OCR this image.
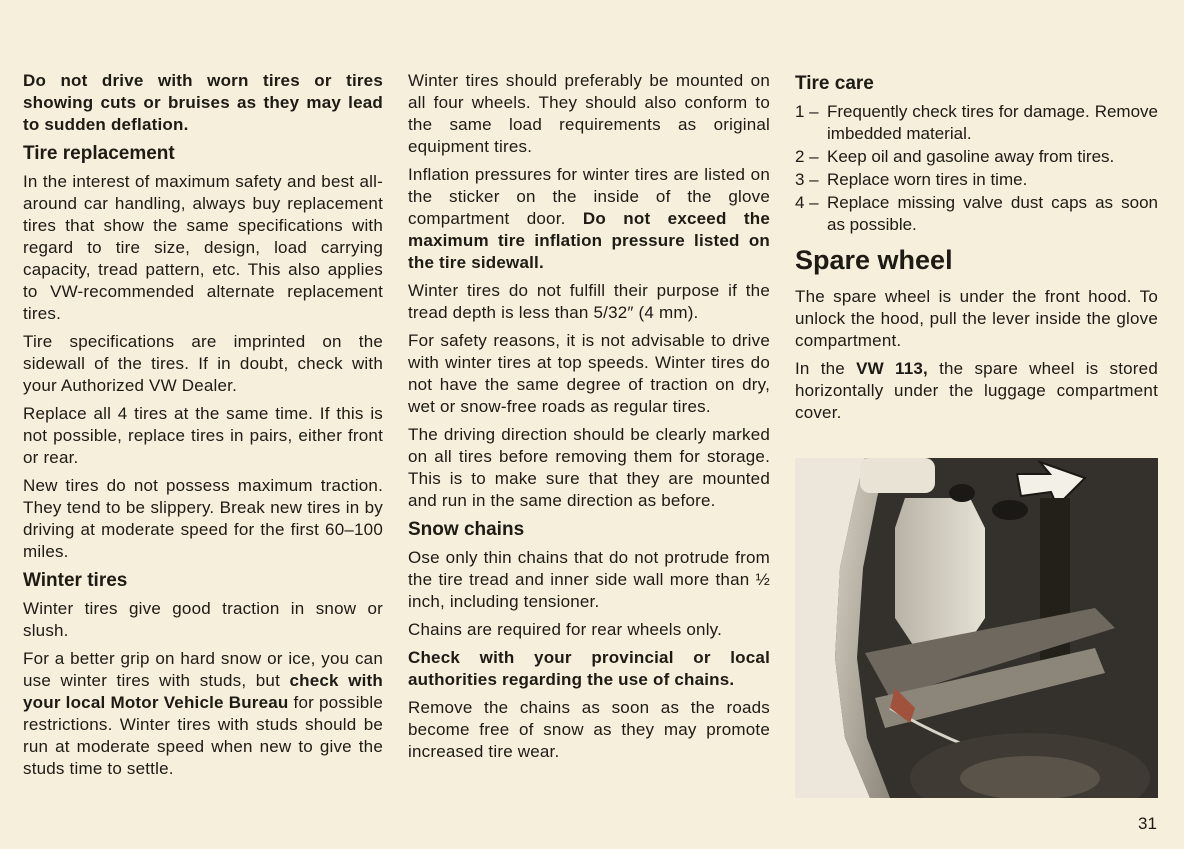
Do not drive with worn tires or tires showing cuts or bruises as they may lead to sudden deflation.

Tire replacement

In the interest of maximum safety and best all-around car handling, always buy replacement tires that show the same specifications with regard to tire size, design, load carrying capacity, tread pattern, etc. This also applies to VW-recommended alternate replacement tires.

Tire specifications are imprinted on the sidewall of the tires. If in doubt, check with your Authorized VW Dealer.

Replace all 4 tires at the same time. If this is not possible, replace tires in pairs, either front or rear.

New tires do not possess maximum traction. They tend to be slippery. Break new tires in by driving at moderate speed for the first 60–100 miles.

Winter tires

Winter tires give good traction in snow or slush.

For a better grip on hard snow or ice, you can use winter tires with studs, but check with your local Motor Vehicle Bureau for possible restrictions. Winter tires with studs should be run at moderate speed when new to give the studs time to settle.

Winter tires should preferably be mounted on all four wheels. They should also conform to the same load requirements as original equipment tires.

Inflation pressures for winter tires are listed on the sticker on the inside of the glove compartment door. Do not exceed the maximum tire inflation pressure listed on the tire sidewall.

Winter tires do not fulfill their purpose if the tread depth is less than 5/32″ (4 mm).

For safety reasons, it is not advisable to drive with winter tires at top speeds. Winter tires do not have the same degree of traction on dry, wet or snow-free roads as regular tires.

The driving direction should be clearly marked on all tires before removing them for storage. This is to make sure that they are mounted and run in the same direction as before.

Snow chains

Ose only thin chains that do not protrude from the tire tread and inner side wall more than ½ inch, including tensioner.

Chains are required for rear wheels only.

Check with your provincial or local authorities regarding the use of chains.

Remove the chains as soon as the roads become free of snow as they may promote increased tire wear.

Tire care
1 – Frequently check tires for damage. Remove imbedded material.
2 – Keep oil and gasoline away from tires.
3 – Replace worn tires in time.
4 – Replace missing valve dust caps as soon as possible.
Spare wheel

The spare wheel is under the front hood. To unlock the hood, pull the lever inside the glove compartment.

In the VW 113, the spare wheel is stored horizontally under the luggage compartment cover.

31
